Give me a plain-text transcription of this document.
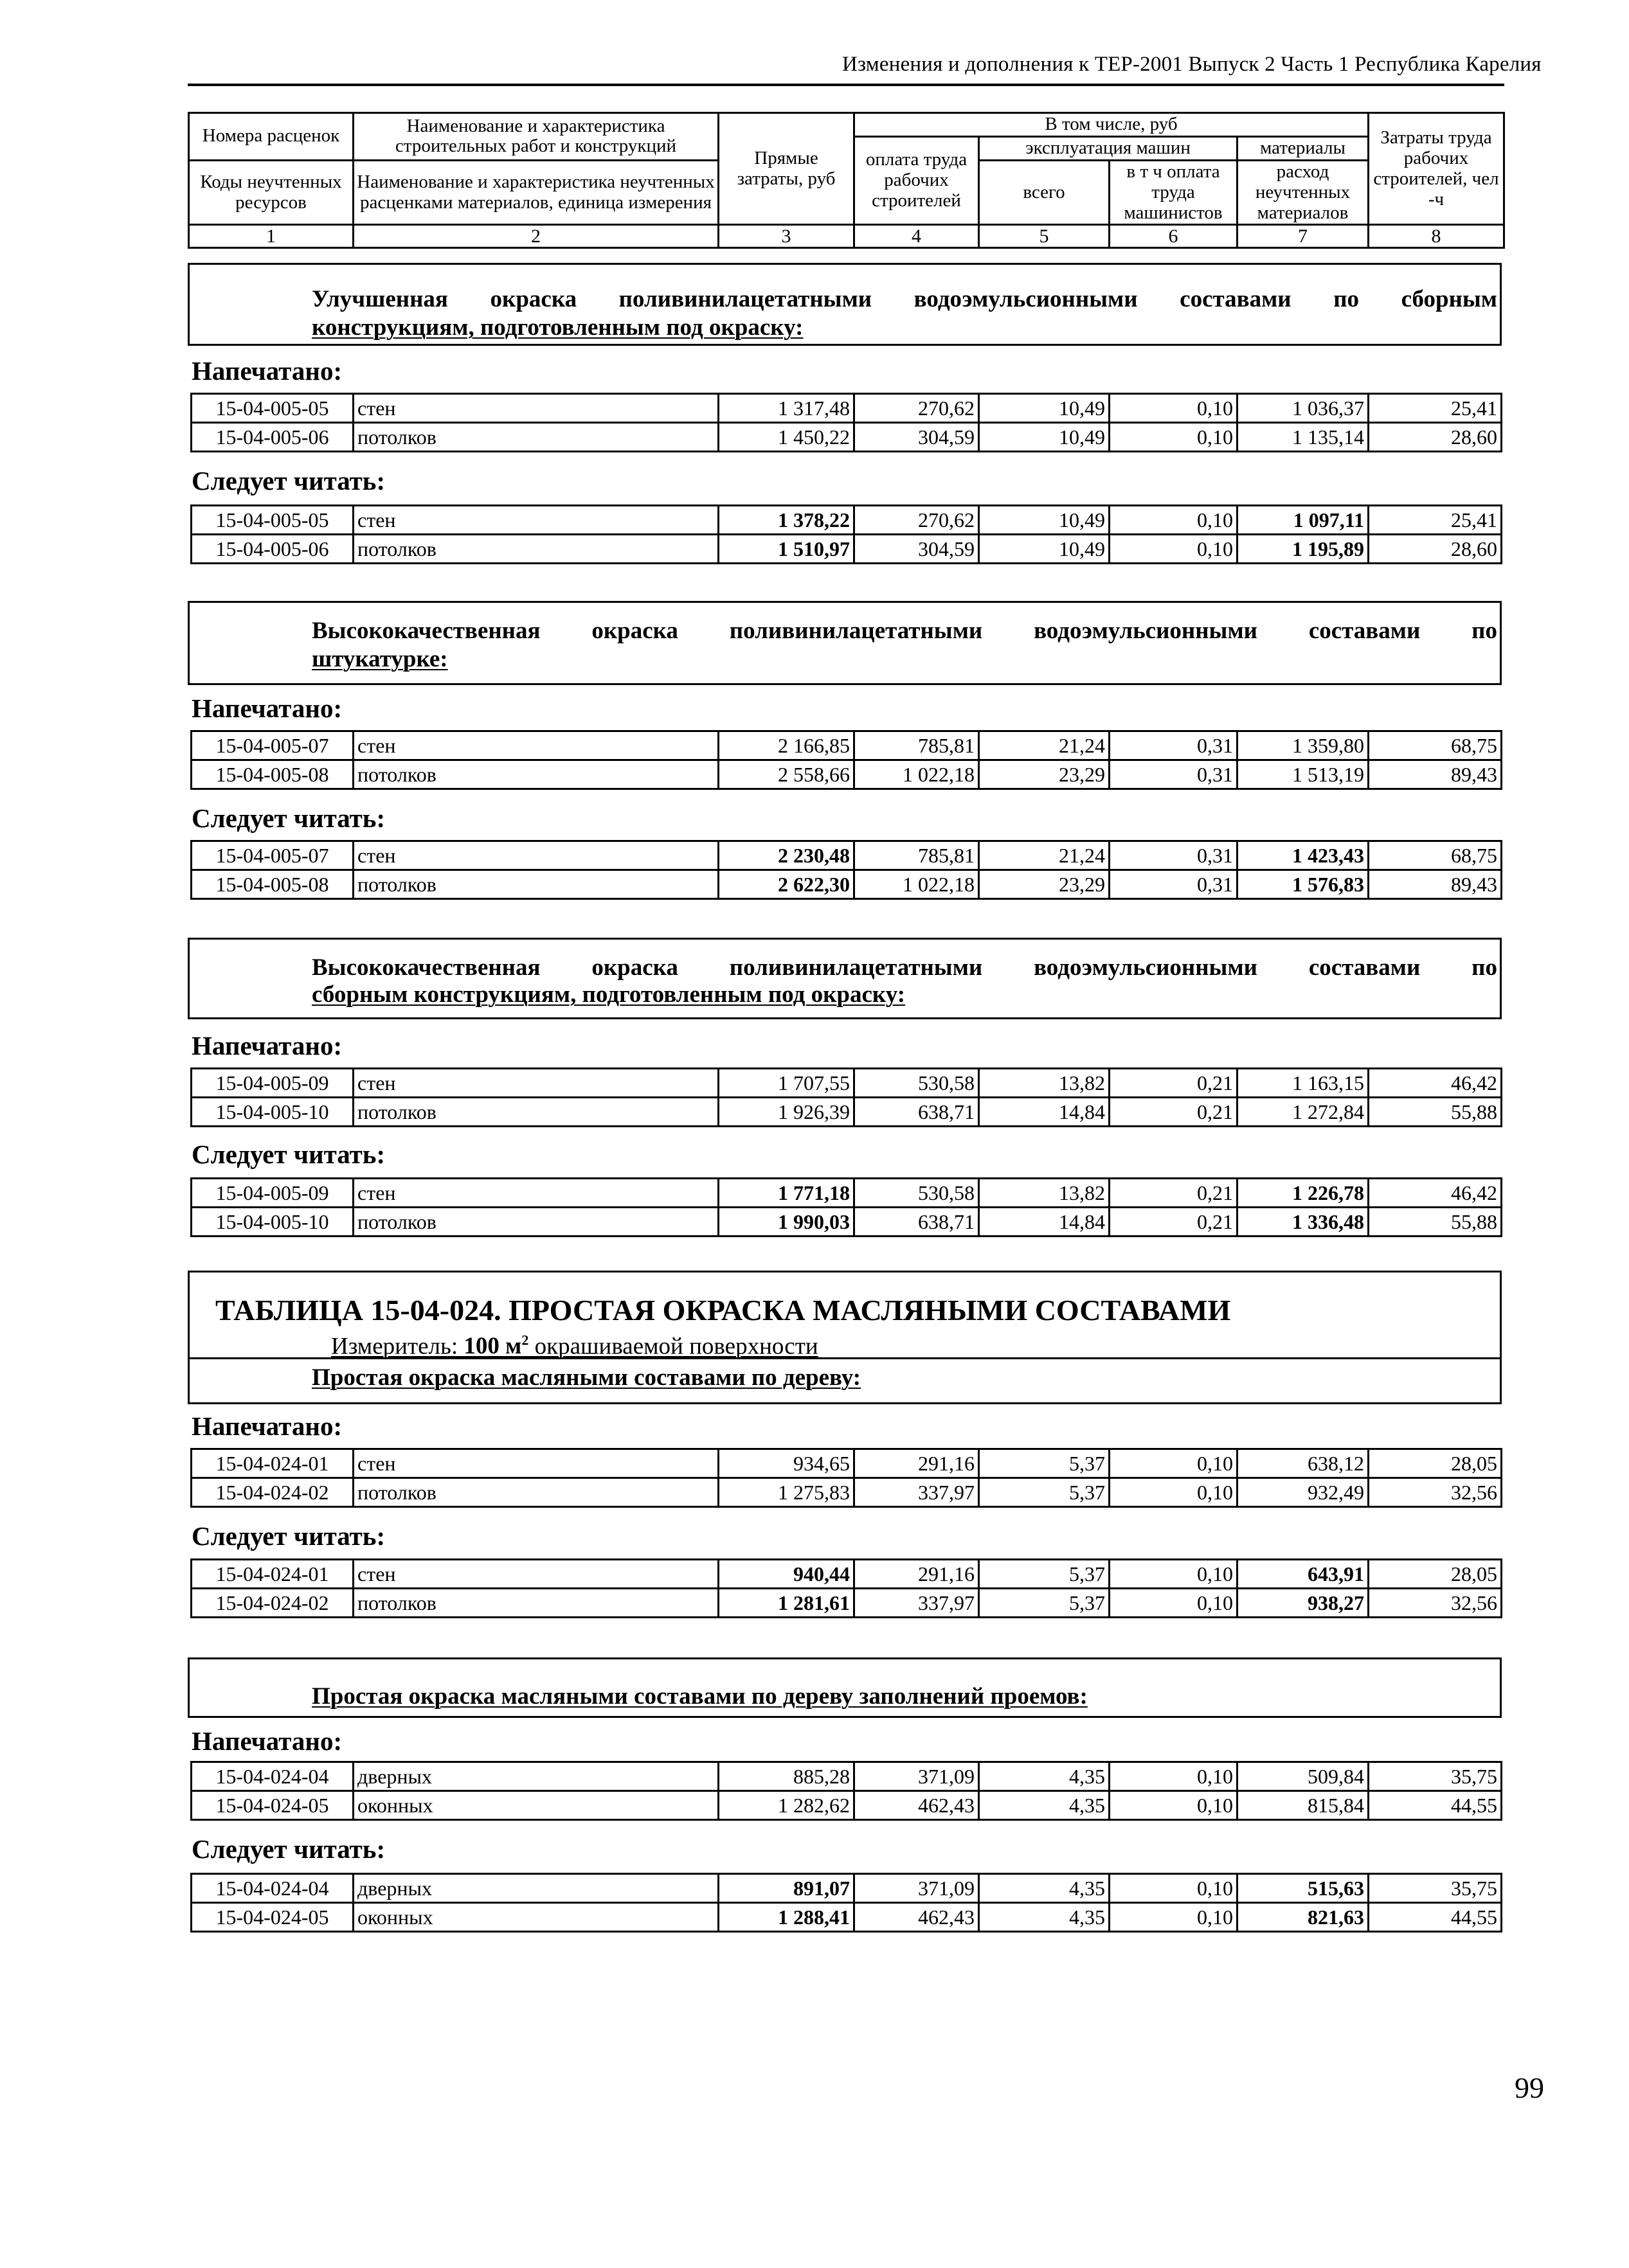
Изменения и дополнения к ТЕР-2001 Выпуск 2 Часть 1 Республика Карелия
Номера расценок	Наименование и характеристика строительных работ и конструкций	Прямые затраты, руб	В том числе, руб				Затраты труда рабочих строителей, чел -ч
			оплата труда рабочих строителей	эксплуатация машин		материалы	
Коды неучтенных ресурсов	Наименование и характеристика неучтенных расценками материалов, единица измерения			всего	в т ч оплата труда машинистов	расход неучтенных материалов	

1	2	3	4	5	6	7	8
Улучшенная окраска поливинилацетатными водоэмульсионными составами по сборным
конструкциям, подготовленным под окраску:
Напечатано:
15-04-005-05	стен	1 317,48	270,62	10,49	0,10	1 036,37	25,41
15-04-005-06	потолков	1 450,22	304,59	10,49	0,10	1 135,14	28,60
Следует читать:
15-04-005-05	стен	1 378,22	270,62	10,49	0,10	1 097,11	25,41
15-04-005-06	потолков	1 510,97	304,59	10,49	0,10	1 195,89	28,60
Высококачественная окраска поливинилацетатными водоэмульсионными составами по
штукатурке:
Напечатано:
15-04-005-07	стен	2 166,85	785,81	21,24	0,31	1 359,80	68,75
15-04-005-08	потолков	2 558,66	1 022,18	23,29	0,31	1 513,19	89,43
Следует читать:
15-04-005-07	стен	2 230,48	785,81	21,24	0,31	1 423,43	68,75
15-04-005-08	потолков	2 622,30	1 022,18	23,29	0,31	1 576,83	89,43
Высококачественная окраска поливинилацетатными водоэмульсионными составами по
сборным конструкциям, подготовленным под окраску:
Напечатано:
15-04-005-09	стен	1 707,55	530,58	13,82	0,21	1 163,15	46,42
15-04-005-10	потолков	1 926,39	638,71	14,84	0,21	1 272,84	55,88
Следует читать:
15-04-005-09	стен	1 771,18	530,58	13,82	0,21	1 226,78	46,42
15-04-005-10	потолков	1 990,03	638,71	14,84	0,21	1 336,48	55,88
Простая окраска масляными составами по дереву:
ТАБЛИЦА 15-04-024. ПРОСТАЯ ОКРАСКА МАСЛЯНЫМИ СОСТАВАМИ
Измеритель: 100 $м^2$ окрашиваемой поверхности
Напечатано:
15-04-024-01	стен	934,65	291,16	5,37	0,10	638,12	28,05
15-04-024-02	потолков	1 275,83	337,97	5,37	0,10	932,49	32,56
Следует читать:
15-04-024-01	стен	940,44	291,16	5,37	0,10	643,91	28,05
15-04-024-02	потолков	1 281,61	337,97	5,37	0,10	938,27	32,56
Простая окраска масляными составами по дереву заполнений проемов:
Напечатано:
15-04-024-04	дверных	885,28	371,09	4,35	0,10	509,84	35,75
15-04-024-05	оконных	1 282,62	462,43	4,35	0,10	815,84	44,55
Следует читать:
15-04-024-04	дверных	891,07	371,09	4,35	0,10	515,63	35,75
15-04-024-05	оконных	1 288,41	462,43	4,35	0,10	821,63	44,55
99
